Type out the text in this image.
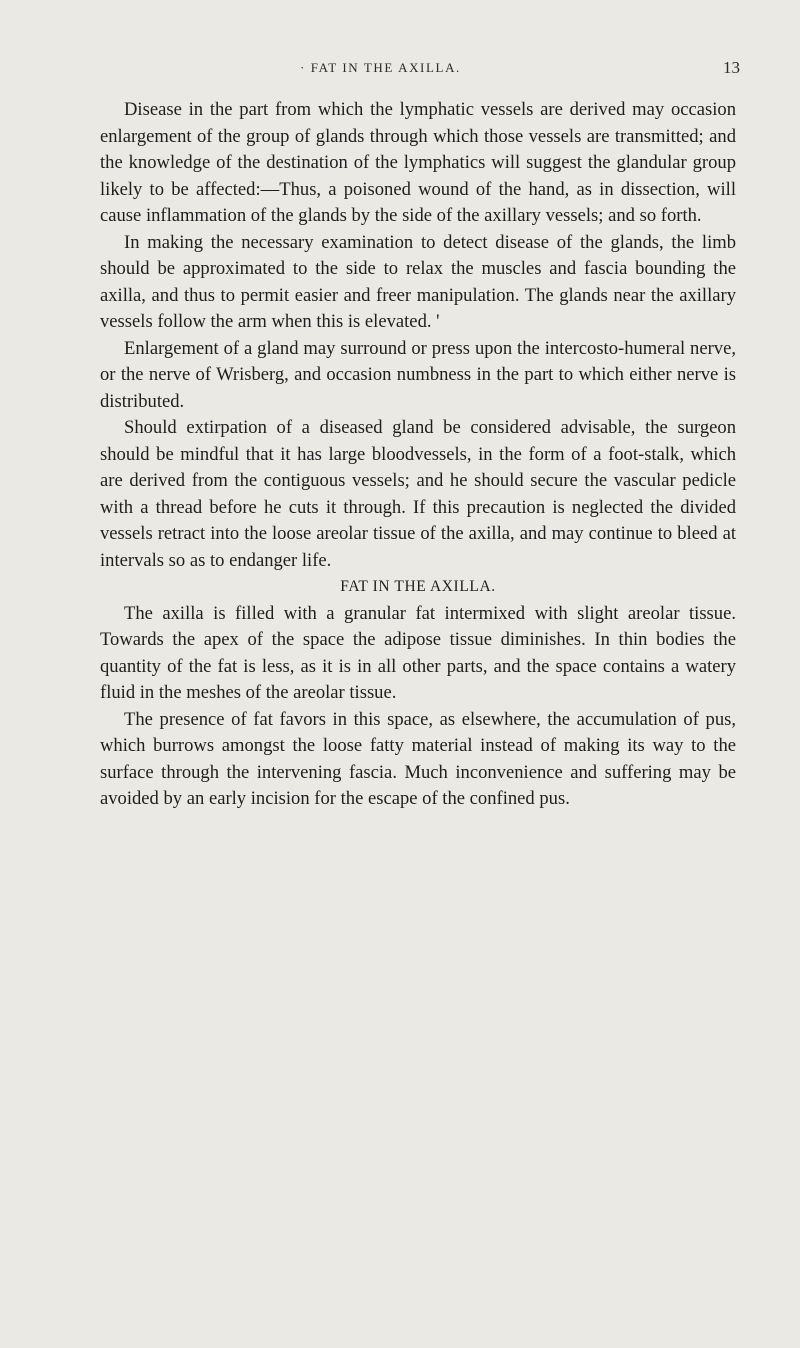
· FAT IN THE AXILLA.	13

Disease in the part from which the lymphatic vessels are derived may occasion enlargement of the group of glands through which those vessels are transmitted; and the knowledge of the destination of the lymphatics will suggest the glandular group likely to be affected:—Thus, a poisoned wound of the hand, as in dissection, will cause inflammation of the glands by the side of the axillary vessels; and so forth.

In making the necessary examination to detect disease of the glands, the limb should be approximated to the side to relax the muscles and fascia bounding the axilla, and thus to permit easier and freer manipulation. The glands near the axillary vessels follow the arm when this is elevated. '

Enlargement of a gland may surround or press upon the intercosto-humeral nerve, or the nerve of Wrisberg, and occasion numbness in the part to which either nerve is distributed.

Should extirpation of a diseased gland be considered advisable, the surgeon should be mindful that it has large bloodvessels, in the form of a foot-stalk, which are derived from the contiguous vessels; and he should secure the vascular pedicle with a thread before he cuts it through. If this precaution is neglected the divided vessels retract into the loose areolar tissue of the axilla, and may continue to bleed at intervals so as to endanger life.

FAT IN THE AXILLA.

The axilla is filled with a granular fat intermixed with slight areolar tissue. Towards the apex of the space the adipose tissue diminishes. In thin bodies the quantity of the fat is less, as it is in all other parts, and the space contains a watery fluid in the meshes of the areolar tissue.

The presence of fat favors in this space, as elsewhere, the accumulation of pus, which burrows amongst the loose fatty material instead of making its way to the surface through the intervening fascia. Much inconvenience and suffering may be avoided by an early incision for the escape of the confined pus.
